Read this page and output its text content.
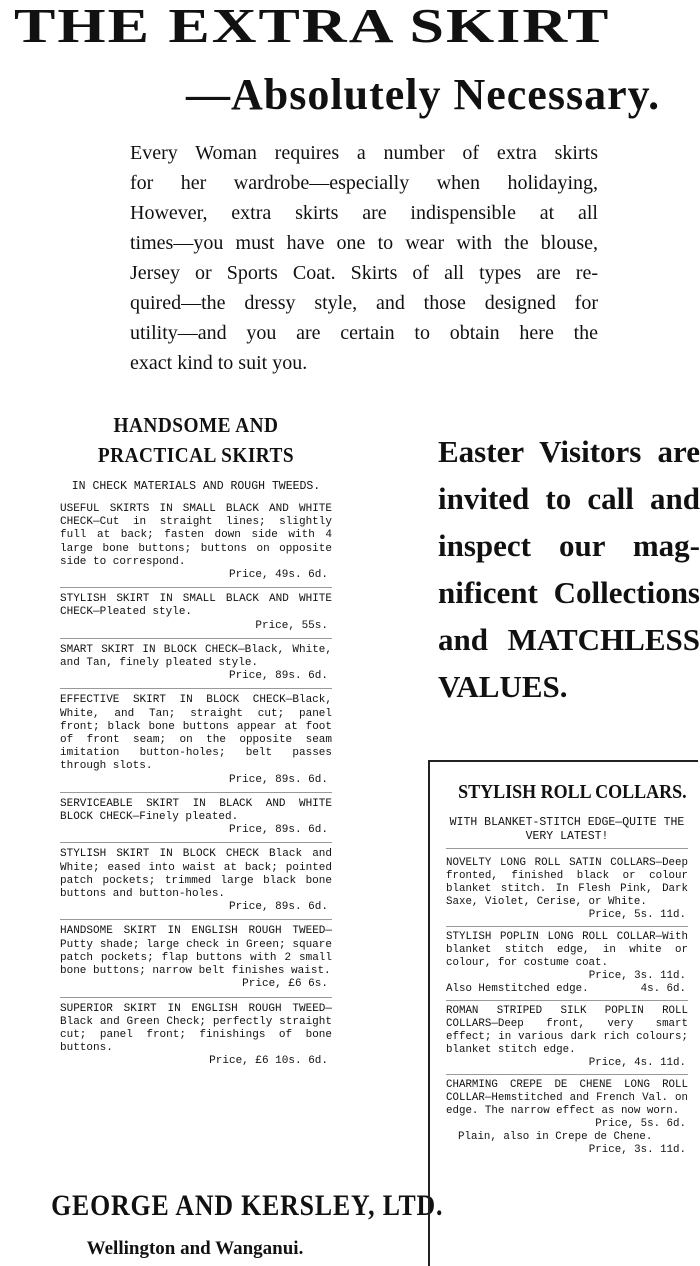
THE EXTRA SKIRT
—Absolutely Necessary.
Every Woman requires a number of extra skirts
for her wardrobe—especially when holidaying,
However, extra skirts are indispensible at all
times—you must have one to wear with the blouse,
Jersey or Sports Coat. Skirts of all types are re-
quired—the dressy style, and those designed for
utility—and you are certain to obtain here the
exact kind to suit you.
HANDSOME AND PRACTICAL SKIRTS
IN CHECK MATERIALS AND ROUGH TWEEDS.
USEFUL SKIRTS IN SMALL BLACK AND WHITE CHECK—Cut in straight lines; slightly full at back; fasten down side with 4 large bone buttons; buttons on opposite side to correspond.
Price, 49s. 6d.
STYLISH SKIRT IN SMALL BLACK AND WHITE CHECK—Pleated style.
Price, 55s.
SMART SKIRT IN BLOCK CHECK—Black, White, and Tan, finely pleated style.
Price, 89s. 6d.
EFFECTIVE SKIRT IN BLOCK CHECK—Black, White, and Tan; straight cut; panel front; black bone buttons appear at foot of front seam; on the opposite seam imitation button-holes; belt passes through slots.
Price, 89s. 6d.
SERVICEABLE SKIRT IN BLACK AND WHITE BLOCK CHECK—Finely pleated.
Price, 89s. 6d.
STYLISH SKIRT IN BLOCK CHECK Black and White; eased into waist at back; pointed patch pockets; trimmed large black bone buttons and button-holes.
Price, 89s. 6d.
HANDSOME SKIRT IN ENGLISH ROUGH TWEED—Putty shade; large check in Green; square patch pockets; flap buttons with 2 small bone buttons; narrow belt finishes waist.
Price, £6 6s.
SUPERIOR SKIRT IN ENGLISH ROUGH TWEED—Black and Green Check; perfectly straight cut; panel front; finishings of bone buttons.
Price, £6 10s. 6d.
GEORGE AND KERSLEY, LTD.
Wellington and Wanganui.
Easter Visitors are
invited to call and
inspect our mag-
nificent Collections
and MATCHLESS
VALUES.
STYLISH ROLL COLLARS.
WITH BLANKET-STITCH EDGE—QUITE THE VERY LATEST!
NOVELTY LONG ROLL SATIN COLLARS—Deep fronted, finished black or colour blanket stitch. In Flesh Pink, Dark Saxe, Violet, Cerise, or White.
Price, 5s. 11d.
STYLISH POPLIN LONG ROLL COLLAR—With blanket stitch edge, in white or colour, for costume coat.
Price, 3s. 11d.
Also Hemstitched edge.	4s. 6d.
ROMAN STRIPED SILK POPLIN ROLL COLLARS—Deep front, very smart effect; in various dark rich colours; blanket stitch edge.
Price, 4s. 11d.
CHARMING CREPE DE CHENE LONG ROLL COLLAR—Hemstitched and French Val. on edge. The narrow effect as now worn.
Price, 5s. 6d.
Plain, also in Crepe de Chene.
Price, 3s. 11d.
